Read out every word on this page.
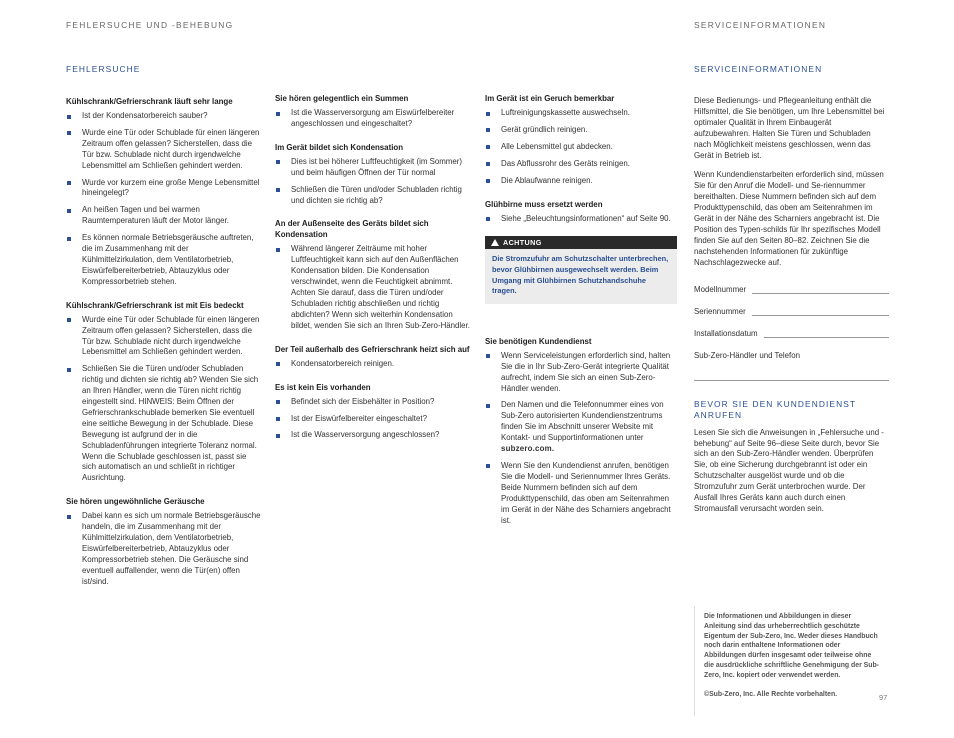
FEHLERSUCHE UND -BEHEBUNG	SERVICEINFORMATIONEN
FEHLERSUCHE
Kühlschrank/Gefrierschrank läuft sehr lange
Ist der Kondensatorbereich sauber?
Wurde eine Tür oder Schublade für einen längeren Zeitraum offen gelassen? Sicherstellen, dass die Tür bzw. Schublade nicht durch irgendwelche Lebensmittel am Schließen gehindert werden.
Wurde vor kurzem eine große Menge Lebensmittel hineingelegt?
An heißen Tagen und bei warmen Raumtemperaturen läuft der Motor länger.
Es können normale Betriebsgeräusche auftreten, die im Zusammenhang mit der Kühlmittelzirkulation, dem Ventilatorbetrieb, Eiswürfelbereiterbetrieb, Abtauzyklus oder Kompressorbetrieb stehen.
Kühlschrank/Gefrierschrank ist mit Eis bedeckt
Wurde eine Tür oder Schublade für einen längeren Zeitraum offen gelassen? Sicherstellen, dass die Tür bzw. Schublade nicht durch irgendwelche Lebensmittel am Schließen gehindert werden.
Schließen Sie die Türen und/oder Schubladen richtig und dichten sie richtig ab? Wenden Sie sich an Ihren Händler, wenn die Türen nicht richtig eingestellt sind. HINWEIS: Beim Öffnen der Gefrierschrankschublade bemerken Sie eventuell eine seitliche Bewegung in der Schublade. Diese Bewegung ist aufgrund der in die Schubladenführungen integrierte Toleranz normal. Wenn die Schublade geschlossen ist, passt sie sich automatisch an und schließt in richtiger Ausrichtung.
Sie hören ungewöhnliche Geräusche
Dabei kann es sich um normale Betriebsgeräusche handeln, die im Zusammenhang mit der Kühlmittelzirkulation, dem Ventilatorbetrieb, Eiswürfelbereiterbetrieb, Abtauzyklus oder Kompressorbetrieb stehen. Die Geräusche sind eventuell auffallender, wenn die Tür(en) offen ist/sind.
Sie hören gelegentlich ein Summen
Ist die Wasserversorgung am Eiswürfelbereiter angeschlossen und eingeschaltet?
Im Gerät bildet sich Kondensation
Dies ist bei höherer Luftfeuchtigkeit (im Sommer) und beim häufigen Öffnen der Tür normal
Schließen die Türen und/oder Schubladen richtig und dichten sie richtig ab?
An der Außenseite des Geräts bildet sich Kondensation
Während längerer Zeiträume mit hoher Luftfeuchtigkeit kann sich auf den Außenflächen Kondensation bilden. Die Kondensation verschwindet, wenn die Feuchtigkeit abnimmt. Achten Sie darauf, dass die Türen und/oder Schubladen richtig abschließen und richtig abdichten? Wenn sich weiterhin Kondensation bildet, wenden Sie sich an Ihren Sub-Zero-Händler.
Der Teil außerhalb des Gefrierschrank heizt sich auf
Kondensatorbereich reinigen.
Es ist kein Eis vorhanden
Befindet sich der Eisbehälter in Position?
Ist der Eiswürfelbereiter eingeschaltet?
Ist die Wasserversorgung angeschlossen?
Im Gerät ist ein Geruch bemerkbar
Luftreinigungskassette auswechseln.
Gerät gründlich reinigen.
Alle Lebensmittel gut abdecken.
Das Abflussrohr des Geräts reinigen.
Die Ablaufwanne reinigen.
Glühbirne muss ersetzt werden
Siehe „Beleuchtungsinformationen“ auf Seite 90.
ACHTUNG
Die Stromzufuhr am Schutzschalter unterbrechen, bevor Glühbirnen ausgewechselt werden. Beim Umgang mit Glühbirnen Schutzhandschuhe tragen.
Sie benötigen Kundendienst
Wenn Serviceleistungen erforderlich sind, halten Sie die in Ihr Sub-Zero-Gerät integrierte Qualität aufrecht, indem Sie sich an einen Sub-Zero-Händler wenden.
Den Namen und die Telefonnummer eines von Sub-Zero autorisierten Kundendienstzentrums finden Sie im Abschnitt unserer Website mit Kontakt- und Supportinformationen unter subzero.com.
Wenn Sie den Kundendienst anrufen, benötigen Sie die Modell- und Seriennummer Ihres Geräts. Beide Nummern befinden sich auf dem Produkttypenschild, das oben am Seitenrahmen im Gerät in der Nähe des Scharniers angebracht ist.
SERVICEINFORMATIONEN

Diese Bedienungs- und Pflegeanleitung enthält die Hilfsmittel, die Sie benötigen, um Ihre Lebensmittel bei optimaler Qualität in Ihrem Einbaugerät aufzubewahren. Halten Sie Türen und Schubladen nach Möglichkeit meistens geschlossen, wenn das Gerät in Betrieb ist.

Wenn Kundendienstarbeiten erforderlich sind, müssen Sie für den Anruf die Modell- und Se-riennummer bereithalten. Diese Nummern befinden sich auf dem Produkttypenschild, das oben am Seitenrahmen im Gerät in der Nähe des Scharniers angebracht ist. Die Position des Typen-schilds für Ihr spezifisches Modell finden Sie auf den Seiten 80–82. Zeichnen Sie die nachstehenden Informationen für zukünftige Nachschlagezwecke auf.

Modellnummer
Seriennummer
Installationsdatum
Sub-Zero-Händler und Telefon
BEVOR SIE DEN KUNDENDIENST ANRUFEN

Lesen Sie sich die Anweisungen in „Fehlersuche und -behebung“ auf Seite 96–diese Seite durch, bevor Sie sich an den Sub-Zero-Händler wenden. Überprüfen Sie, ob eine Sicherung durchgebrannt ist oder ein Schutzschalter ausgelöst wurde und ob die Stromzufuhr zum Gerät unterbrochen wurde. Der Ausfall Ihres Geräts kann auch durch einen Stromausfall verursacht worden sein.

Die Informationen und Abbildungen in dieser Anleitung sind das urheberrechtlich geschützte Eigentum der Sub-Zero, Inc. Weder dieses Handbuch noch darin enthaltene Informationen oder Abbildungen dürfen insgesamt oder teilweise ohne die ausdrückliche schriftliche Genehmigung der Sub-Zero, Inc. kopiert oder verwendet werden.

©Sub-Zero, Inc. Alle Rechte vorbehalten.	97
